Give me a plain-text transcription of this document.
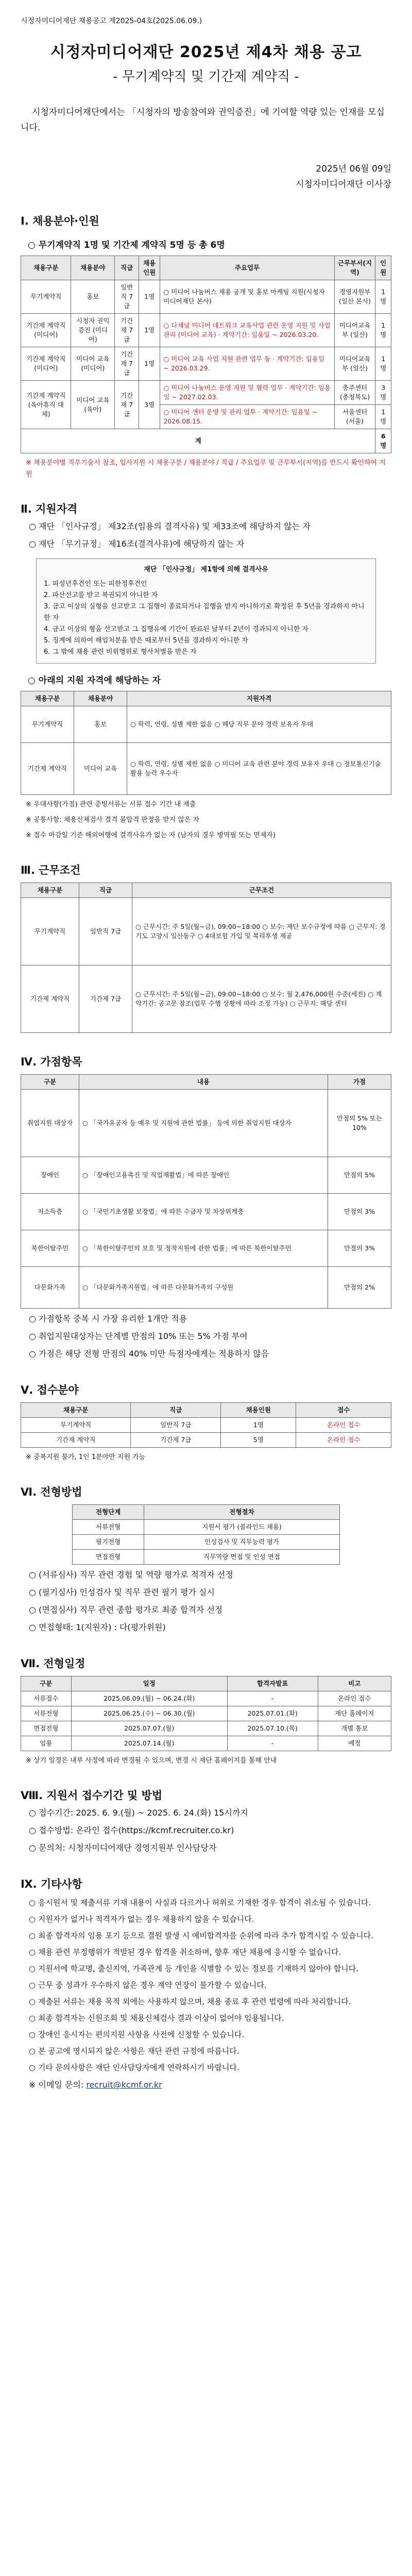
시정자미디어재단 채용공고 제2025-04호(2025.06.09.)
시정자미디어재단 2025년 제4차 채용 공고
- 무기계약직 및 기간제 계약직 -

시청자미디어재단에서는 「시청자의 방송참여와 권익증진」에 기여할 역량 있는 인재를 모십니다.

2025년 06월 09일
시청자미디어재단 이사장
Ⅰ. 채용분야·인원
○ 무기계약직 1명 및 기간제 계약직 5명 등 총 6명
채용구분	채용분야	직급	채용인원	주요업무	근무부서(지역)	인원
무기계약직	홍보	일반직 7급	1명	○ 미디어 나눔버스 채용 공개 및 홍보 마케팅 지원(시청자미디어재단 본사)	경영지원부 (일산 본사)	1명
기간제 계약직 (미디어)	시청자 권익증진 (미디어)	기간제 7급	1명	○ 다채널 미디어 네트워크 교육사업 관련 운영 지원 및 사업 관리 (미디어 교육) · 계약기간: 임용일 ~ 2026.03.20.	미디어교육부 (일산)	1명
기간제 계약직 (미디어)	미디어 교육 (미디어)	기간제 7급	1명	○ 미디어 교육 사업 지원 관련 업무 등 · 계약기간: 임용일 ~ 2026.03.29.	미디어교육부 (일산)	1명
기간제 계약직 (육아휴직 대체)	미디어 교육 (육아)	기간제 7급	3명	○ 미디어 나눔버스 운영 지원 및 협력 업무 · 계약기간: 임용일 ~ 2027.02.03.	충주센터 (충청북도)	3명
				○ 미디어 센터 운영 및 관리 업무 · 계약기간: 임용일 ~ 2026.08.15.	서울센터 (서울)	1명
계						6명
※ 채용분야별 직무기술서 참조, 입사지원 시 채용구분 / 채용분야 / 직급 / 주요업무 및 근무부서(지역)를 반드시 확인하여 지원
Ⅱ. 지원자격

○ 재단 「인사규정」 제32조(임용의 결격사유) 및 제33조에 해당하지 않는 자

○ 재단 「무기규정」 제16조(결격사유)에 해당하지 않는 자

재단 「인사규정」 제1항에 의해 결격사유
1. 피성년후견인 또는 피한정후견인
2. 파산선고를 받고 복권되지 아니한 자
3. 금고 이상의 실형을 선고받고 그 집행이 종료되거나 집행을 받지 아니하기로 확정된 후 5년을 경과하지 아니한 자
4. 금고 이상의 형을 선고받고 그 집행유예 기간이 완료된 날부터 2년이 경과되지 아니한 자
5. 징계에 의하여 해임처분을 받은 때로부터 5년을 경과하지 아니한 자
6. 그 밖에 채용 관련 비위행위로 형사처벌을 받은 자
○ 아래의 지원 자격에 해당하는 자
채용구분	채용분야	지원자격
무기계약직	홍보	○ 학력, 연령, 성별 제한 없음 ○ 해당 직무 분야 경력 보유자 우대
기간제 계약직	미디어 교육	○ 학력, 연령, 성별 제한 없음 ○ 미디어 교육 관련 분야 경력 보유자 우대 ○ 정보통신기술 활용 능력 우수자
※ 우대사항(가점) 관련 증빙서류는 서류 접수 기간 내 제출
※ 공통사항: 채용신체검사 결격 불합격 판정을 받지 않은 자
※ 접수 마감일 기준 해외여행에 결격사유가 없는 자 (남자의 경우 병역필 또는 면제자)
Ⅲ. 근무조건
채용구분	직급	근무조건
무기계약직	일반직 7급	○ 근무시간: 주 5일(월~금), 09:00~18:00 ○ 보수: 재단 보수규정에 따름 ○ 근무지: 경기도 고양시 일산동구 ○ 4대보험 가입 및 복리후생 제공
기간제 계약직	기간제 7급	○ 근무시간: 주 5일(월~금), 09:00~18:00 ○ 보수: 월 2,476,000원 수준(세전) ○ 계약기간: 공고문 참조(업무 수행 상황에 따라 조정 가능) ○ 근무지: 해당 센터
Ⅳ. 가점항목
구분	내용	가점
취업지원 대상자	○ 「국가유공자 등 예우 및 지원에 관한 법률」 등에 의한 취업지원 대상자	만점의 5% 또는 10%
장애인	○ 「장애인고용촉진 및 직업재활법」에 따른 장애인	만점의 5%
저소득층	○ 「국민기초생활 보장법」에 따른 수급자 및 차상위계층	만점의 3%
북한이탈주민	○ 「북한이탈주민의 보호 및 정착지원에 관한 법률」에 따른 북한이탈주민	만점의 3%
다문화가족	○ 「다문화가족지원법」에 따른 다문화가족의 구성원	만점의 2%

○ 가점항목 중복 시 가장 유리한 1개만 적용

○ 취업지원대상자는 단계별 만점의 10% 또는 5% 가점 부여

○ 가점은 해당 전형 만점의 40% 미만 득점자에게는 적용하지 않음

Ⅴ. 접수분야
채용구분	직급	채용인원	접수
무기계약직	일반직 7급	1명	온라인 접수
기간제 계약직	기간제 7급	5명	온라인 접수
※ 중복지원 불가, 1인 1분야만 지원 가능
Ⅵ. 전형방법
전형단계	전형절차
서류전형	지원서 평가 (블라인드 채용)
필기전형	인성검사 및 직무능력 평가
면접전형	직무역량 면접 및 인성 면접

○ (서류심사) 직무 관련 경험 및 역량 평가로 적격자 선정

○ (필기심사) 인성검사 및 직무 관련 필기 평가 실시

○ (면접심사) 직무 관련 종합 평가로 최종 합격자 선정

○ 면접형태: 1(지원자) : 다(평가위원)

Ⅶ. 전형일정
구분	일정	합격자발표	비고
서류접수	2025.06.09.(월) ~ 06.24.(화)	-	온라인 접수
서류전형	2025.06.25.(수) ~ 06.30.(월)	2025.07.01.(화)	재단 홈페이지
면접전형	2025.07.07.(월)	2025.07.10.(목)	개별 통보
임용	2025.07.14.(월)	-	예정
※ 상기 일정은 내부 사정에 따라 변경될 수 있으며, 변경 시 재단 홈페이지를 통해 안내
Ⅷ. 지원서 접수기간 및 방법

○ 접수기간: 2025. 6. 9.(월) ~ 2025. 6. 24.(화) 15시까지

○ 접수방법: 온라인 접수(https://kcmf.recruiter.co.kr)

○ 문의처: 시청자미디어재단 경영지원부 인사담당자

Ⅸ. 기타사항
○ 응시원서 및 제출서류 기재 내용이 사실과 다르거나 허위로 기재한 경우 합격이 취소될 수 있습니다.
○ 지원자가 없거나 적격자가 없는 경우 채용하지 않을 수 있습니다.
○ 최종 합격자의 임용 포기 등으로 결원 발생 시 예비합격자를 순위에 따라 추가 합격시킬 수 있습니다.
○ 채용 관련 부정행위가 적발된 경우 합격을 취소하며, 향후 재단 채용에 응시할 수 없습니다.
○ 지원서에 학교명, 출신지역, 가족관계 등 개인을 식별할 수 있는 정보를 기재하지 않아야 합니다.
○ 근무 중 성과가 우수하지 않은 경우 계약 연장이 불가할 수 있습니다.
○ 제출된 서류는 채용 목적 외에는 사용하지 않으며, 채용 종료 후 관련 법령에 따라 처리합니다.
○ 최종 합격자는 신원조회 및 채용신체검사 결과 이상이 없어야 임용됩니다.
○ 장애인 응시자는 편의지원 사항을 사전에 신청할 수 있습니다.
○ 본 공고에 명시되지 않은 사항은 재단 관련 규정에 따릅니다.
○ 기타 문의사항은 재단 인사담당자에게 연락하시기 바랍니다.

※ 이메일 문의: recruit@kcmf.or.kr
